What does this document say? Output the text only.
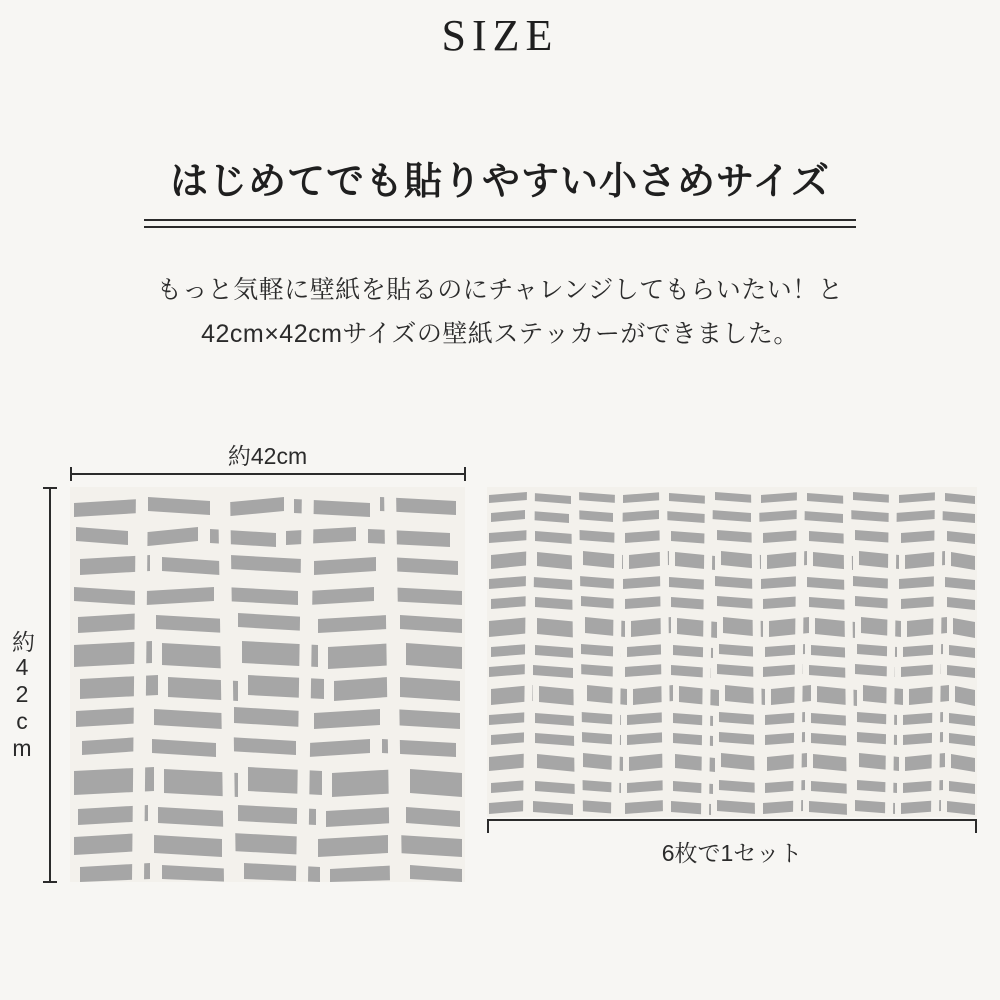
SIZE
はじめてでも貼りやすい小さめサイズ
もっと気軽に壁紙を貼るのにチャレンジしてもらいたい！と
42cm×42cmサイズの壁紙ステッカーができました。
約42cm
約42cm
6枚で1セット
